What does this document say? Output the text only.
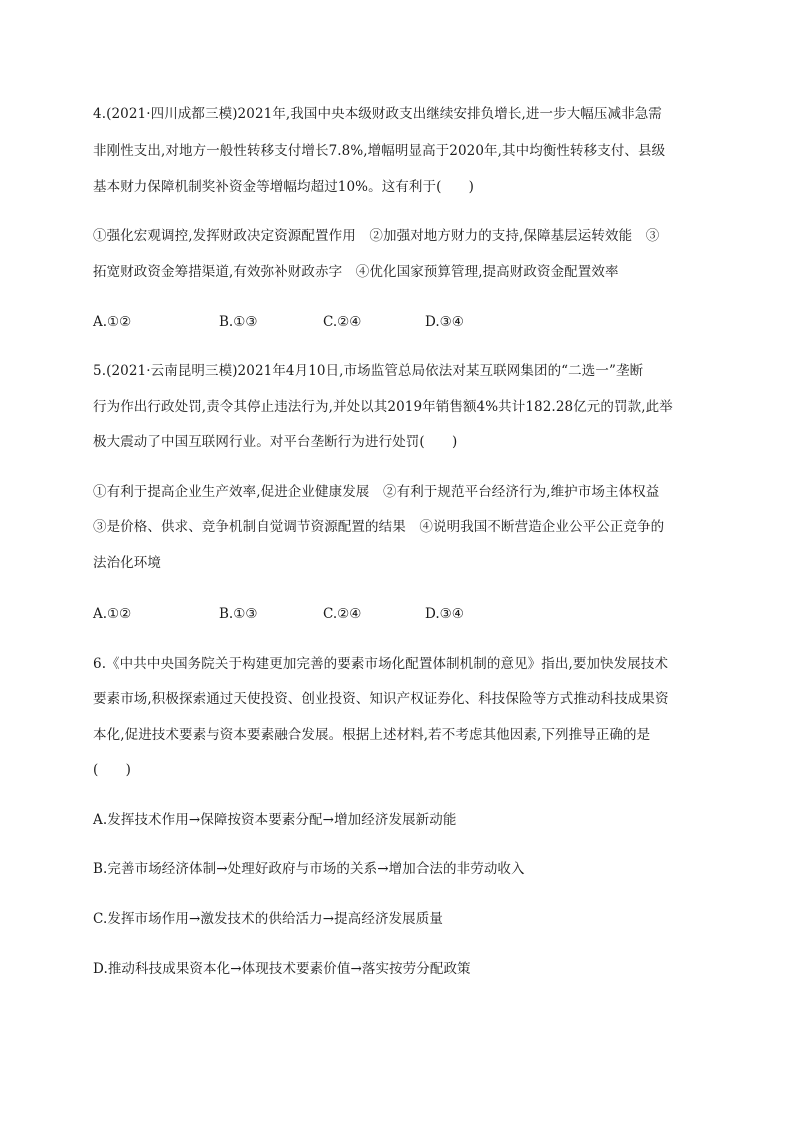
4.(2021·四川成都三模)2021年,我国中央本级财政支出继续安排负增长,进一步大幅压减非急需
非刚性支出,对地方一般性转移支付增长7.8%,增幅明显高于2020年,其中均衡性转移支付、县级
基本财力保障机制奖补资金等增幅均超过10%。这有利于(　　)
①强化宏观调控,发挥财政决定资源配置作用　②加强对地方财力的支持,保障基层运转效能　③
拓宽财政资金筹措渠道,有效弥补财政赤字　④优化国家预算管理,提高财政资金配置效率
A.①②	B.①③	C.②④	D.③④
5.(2021·云南昆明三模)2021年4月10日,市场监管总局依法对某互联网集团的“二选一”垄断
行为作出行政处罚,责令其停止违法行为,并处以其2019年销售额4%共计182.28亿元的罚款,此举
极大震动了中国互联网行业。对平台垄断行为进行处罚(　　)
①有利于提高企业生产效率,促进企业健康发展　②有利于规范平台经济行为,维护市场主体权益
③是价格、供求、竞争机制自觉调节资源配置的结果　④说明我国不断营造企业公平公正竞争的
法治化环境
A.①②	B.①③	C.②④	D.③④
6.《中共中央国务院关于构建更加完善的要素市场化配置体制机制的意见》指出,要加快发展技术
要素市场,积极探索通过天使投资、创业投资、知识产权证券化、科技保险等方式推动科技成果资
本化,促进技术要素与资本要素融合发展。根据上述材料,若不考虑其他因素,下列推导正确的是
(　　)
A.发挥技术作用→保障按资本要素分配→增加经济发展新动能
B.完善市场经济体制→处理好政府与市场的关系→增加合法的非劳动收入
C.发挥市场作用→激发技术的供给活力→提高经济发展质量
D.推动科技成果资本化→体现技术要素价值→落实按劳分配政策
